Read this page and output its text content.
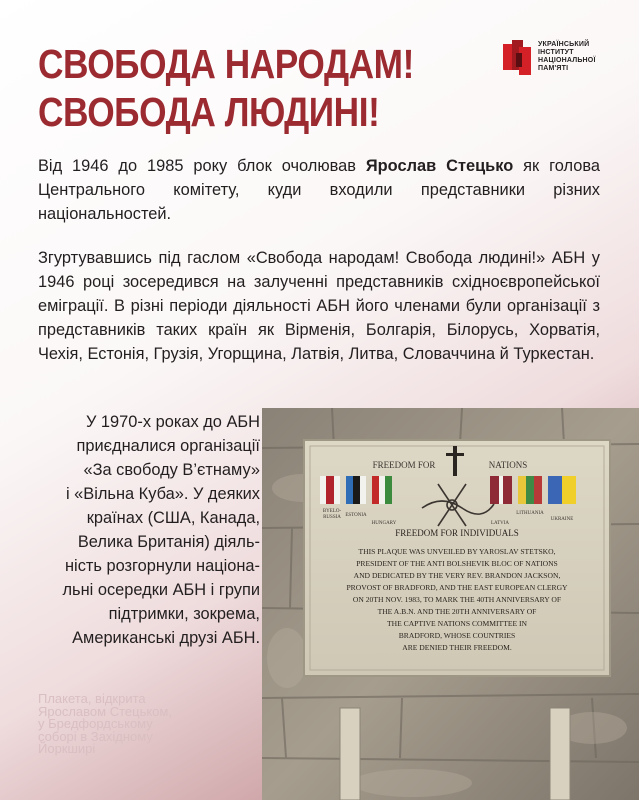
СВОБОДА НАРОДАМ!
СВОБОДА ЛЮДИНІ!
УКРАЇНСЬКИЙ
ІНСТИТУТ
НАЦІОНАЛЬНОЇ
ПАМ'ЯТІ
Від 1946 до 1985 року блок очолював Ярослав Стецько як голова Центрального комітету, куди входили представники різних національностей.
Згуртувавшись під гаслом «Свобода народам! Свобода людині!» АБН у 1946 році зосередився на залученні представників східноєвропейської еміграції. В різні періоди діяльності АБН його членами були організації з представників таких країн як Вірменія, Болгарія, Білорусь, Хорватія, Чехія, Естонія, Грузія, Угорщина, Латвія, Литва, Словаччина й Туркестан.
У 1970-х роках до АБН
приєдналися організації
«За свободу В’єтнаму»
і «Вільна Куба». У деяких
країнах (США, Канада,
Велика Британія) діяль-
ність розгорнули націона-
льні осередки АБН і групи
підтримки, зокрема,
Американські друзі АБН.
FREEDOM FOR	NATIONS
BYELO-
RUSSIA ESTONIA
HUNGARY	LATVIA
LITHUANIA
UKRAINE
FREEDOM FOR INDIVIDUALS
THIS PLAQUE WAS UNVEILED BY YAROSLAV STETSKO,
PRESIDENT OF THE ANTI BOLSHEVIK BLOC OF NATIONS
AND DEDICATED BY THE VERY REV. BRANDON JACKSON,
PROVOST OF BRADFORD, AND THE EAST EUROPEAN CLERGY
ON 20TH NOV. 1983, TO MARK THE 40TH ANNIVERSARY OF
THE A.B.N. AND THE 20TH ANNIVERSARY OF
THE CAPTIVE NATIONS COMMITTEE IN
BRADFORD, WHOSE COUNTRIES
ARE DENIED THEIR FREEDOM.
Плакета, відкрита
Ярославом Стецьком,
у Бредфордському
соборі в Західному
Йоркширі
